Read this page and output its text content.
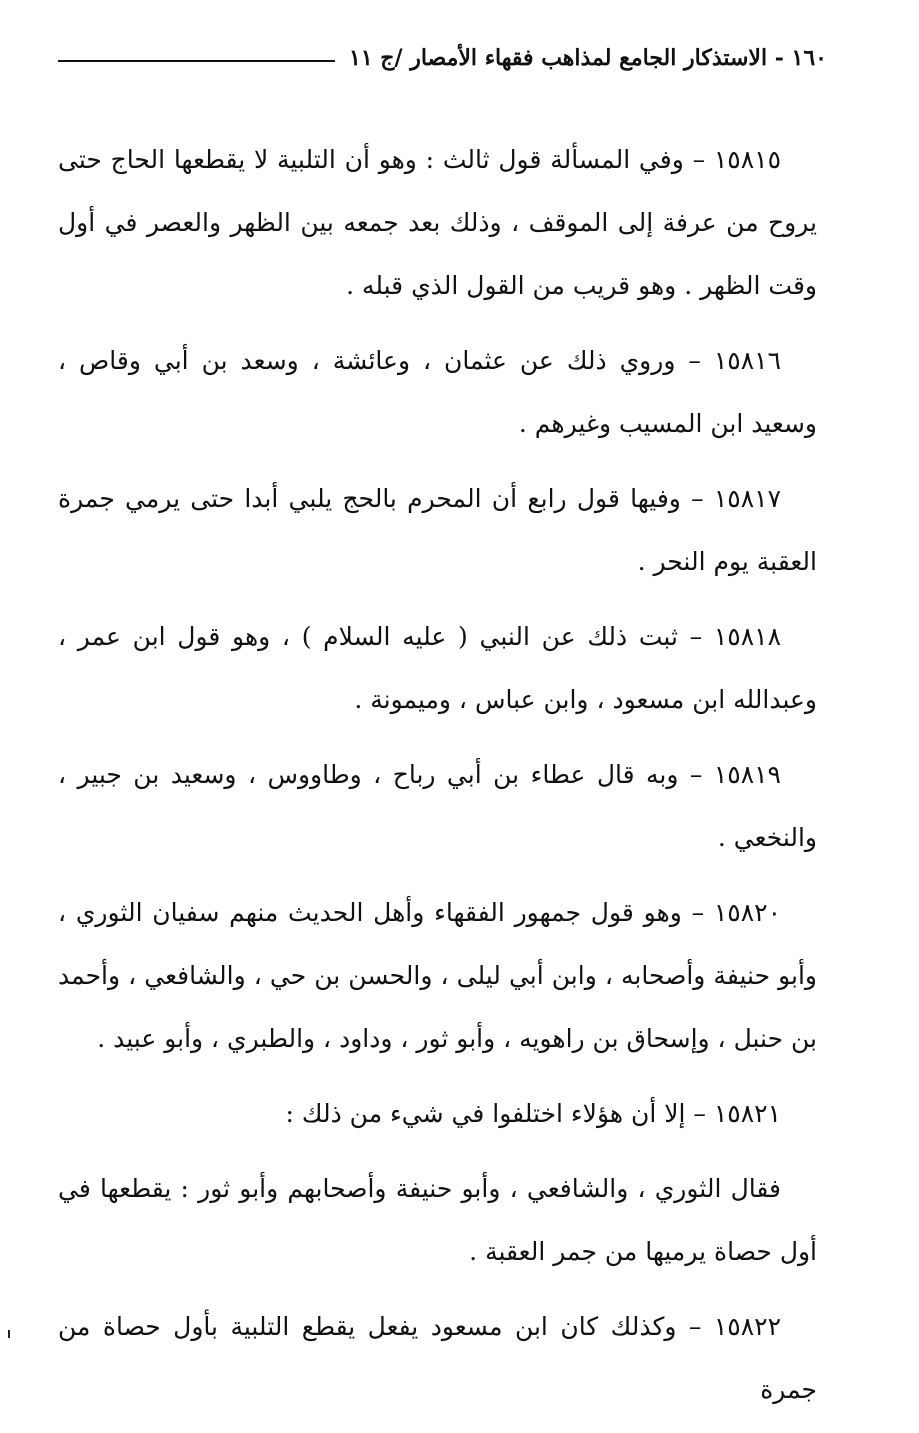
١٦٠ - الاستذكار الجامع لمذاهب فقهاء الأمصار /ج ١١

١٥٨١٥ – وفي المسألة قول ثالث : وهو أن التلبية لا يقطعها الحاج حتى يروح من عرفة إلى الموقف ، وذلك بعد جمعه بين الظهر والعصر في أول وقت الظهر . وهو قريب من القول الذي قبله .

١٥٨١٦ – وروي ذلك عن عثمان ، وعائشة ، وسعد بن أبي وقاص ، وسعيد ابن المسيب وغيرهم .

١٥٨١٧ – وفيها قول رابع أن المحرم بالحج يلبي أبدا حتى يرمي جمرة العقبة يوم النحر .

١٥٨١٨ – ثبت ذلك عن النبي ( عليه السلام ) ، وهو قول ابن عمر ، وعبدالله ابن مسعود ، وابن عباس ، وميمونة .

١٥٨١٩ – وبه قال عطاء بن أبي رباح ، وطاووس ، وسعيد بن جبير ، والنخعي .

١٥٨٢٠ – وهو قول جمهور الفقهاء وأهل الحديث منهم سفيان الثوري ، وأبو حنيفة وأصحابه ، وابن أبي ليلى ، والحسن بن حي ، والشافعي ، وأحمد بن حنبل ، وإسحاق بن راهويه ، وأبو ثور ، وداود ، والطبري ، وأبو عبيد .

١٥٨٢١ – إلا أن هؤلاء اختلفوا في شيء من ذلك :

فقال الثوري ، والشافعي ، وأبو حنيفة وأصحابهم وأبو ثور : يقطعها في أول حصاة يرميها من جمر العقبة .

١٥٨٢٢ – وكذلك كان ابن مسعود يفعل يقطع التلبية بأول حصاة من جمرة
